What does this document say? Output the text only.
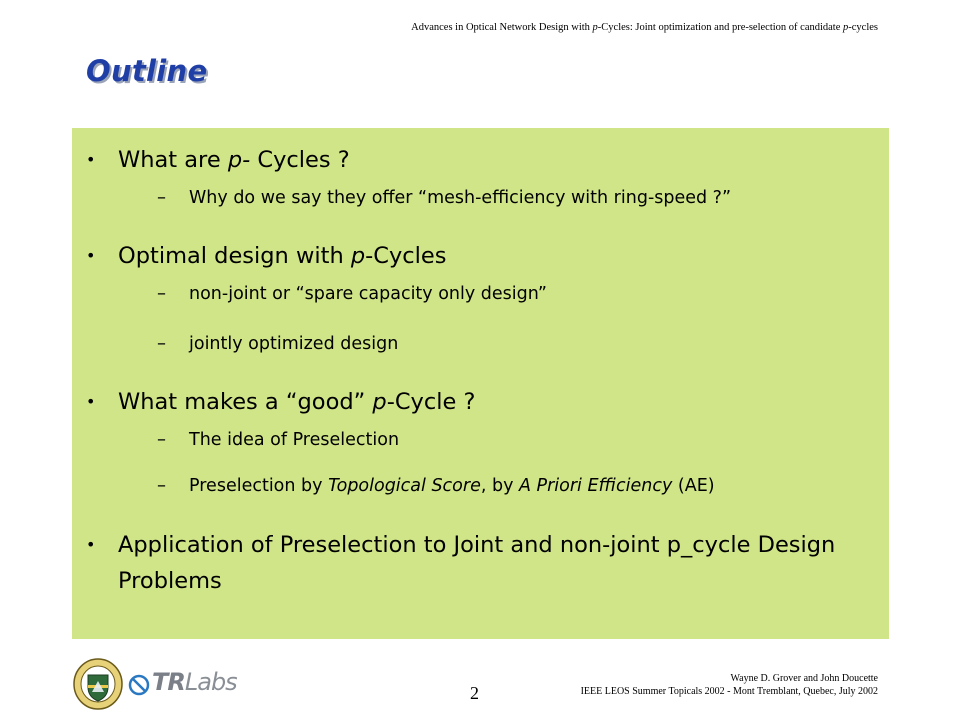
Advances in Optical Network Design with p-Cycles: Joint optimization and pre-selection of candidate p-cycles
Outline
• What are p- Cycles ?
– Why do we say they offer “mesh-efficiency with ring-speed ?”
• Optimal design with p-Cycles
– non-joint or “spare capacity only design”
– jointly optimized design
• What makes a “good” p-Cycle ?
– The idea of Preselection
– Preselection by Topological Score, by A Priori Efficiency (AE)
• Application of Preselection to Joint and non-joint p_cycle Design Problems
TRLabs	2
Wayne D. Grover and John Doucette
IEEE LEOS Summer Topicals 2002 - Mont Tremblant, Quebec, July 2002
